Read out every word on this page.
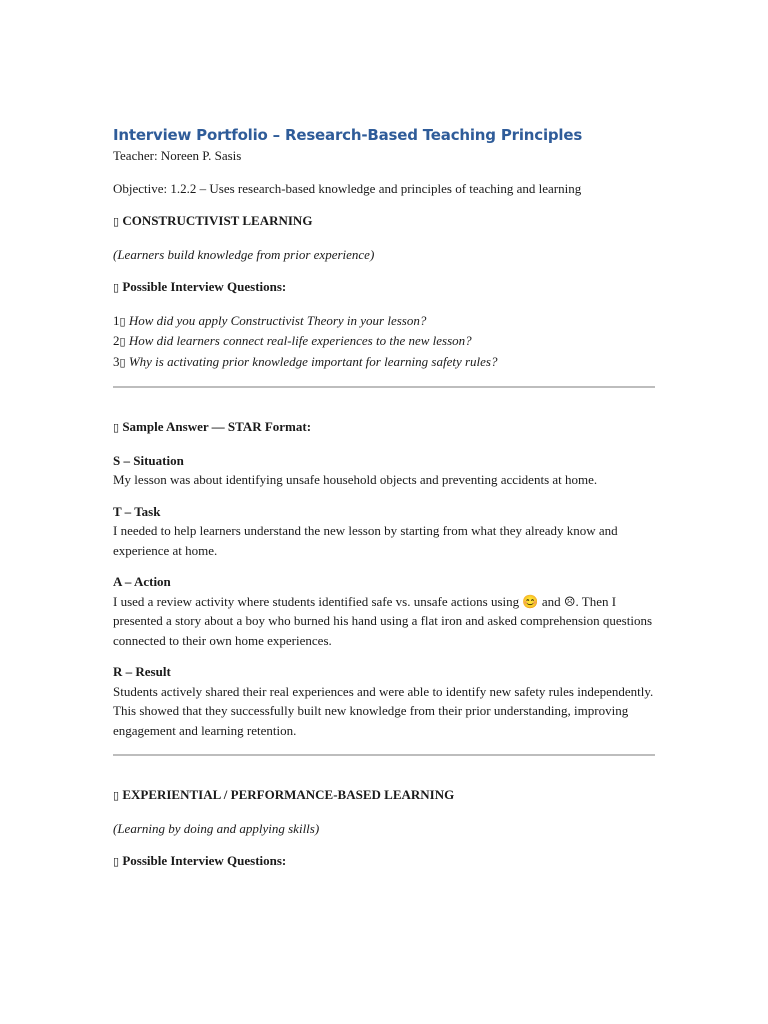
Interview Portfolio – Research-Based Teaching Principles

Teacher: Noreen P. Sasis

Objective: 1.2.2 – Uses research-based knowledge and principles of teaching and learning

▯ CONSTRUCTIVIST LEARNING

(Learners build knowledge from prior experience)

▯ Possible Interview Questions:

1▯ How did you apply Constructivist Theory in your lesson?

2▯ How did learners connect real-life experiences to the new lesson?

3▯ Why is activating prior knowledge important for learning safety rules?

▯ Sample Answer — STAR Format:

S – Situation

My lesson was about identifying unsafe household objects and preventing accidents at home.

T – Task

I needed to help learners understand the new lesson by starting from what they already know and experience at home.

A – Action

I used a review activity where students identified safe vs. unsafe actions using 😊 and ☹. Then I presented a story about a boy who burned his hand using a flat iron and asked comprehension questions connected to their own home experiences.

R – Result

Students actively shared their real experiences and were able to identify new safety rules independently. This showed that they successfully built new knowledge from their prior understanding, improving engagement and learning retention.

▯ EXPERIENTIAL / PERFORMANCE-BASED LEARNING

(Learning by doing and applying skills)

▯ Possible Interview Questions:
